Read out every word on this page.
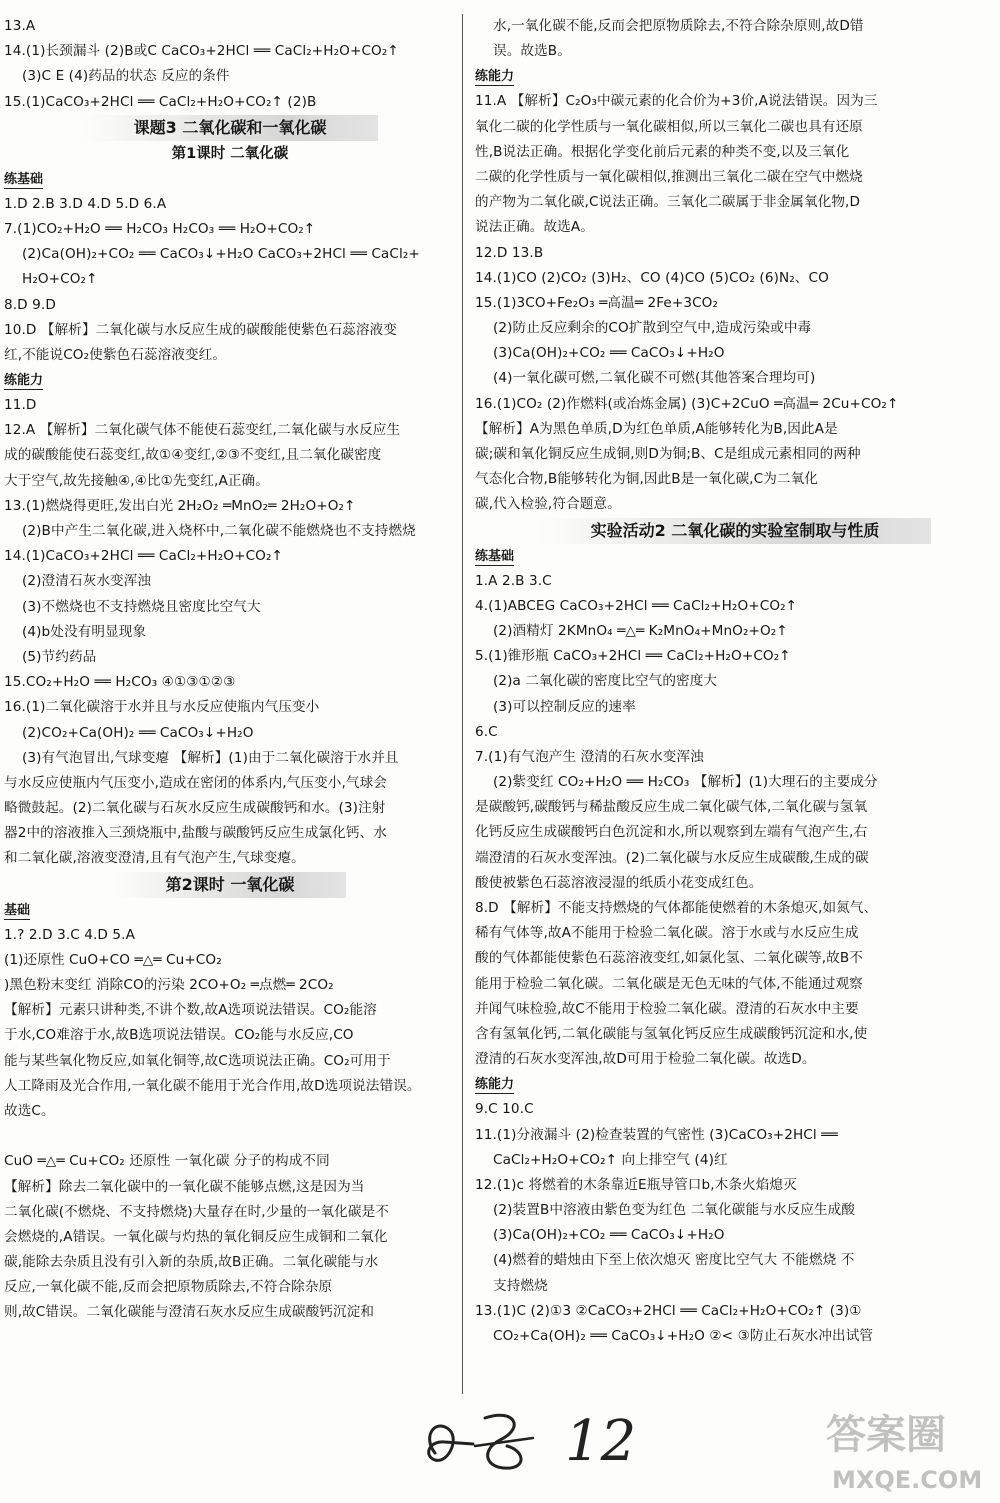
13.A
14.(1)长颈漏斗 (2)B或C CaCO₃+2HCl ══ CaCl₂+H₂O+CO₂↑
(3)C E (4)药品的状态 反应的条件
15.(1)CaCO₃+2HCl ══ CaCl₂+H₂O+CO₂↑ (2)B
课题3 二氧化碳和一氧化碳
第1课时 二氧化碳
练基础
1.D 2.B 3.D 4.D 5.D 6.A
7.(1)CO₂+H₂O ══ H₂CO₃ H₂CO₃ ══ H₂O+CO₂↑
(2)Ca(OH)₂+CO₂ ══ CaCO₃↓+H₂O CaCO₃+2HCl ══ CaCl₂+
H₂O+CO₂↑
8.D 9.D
10.D 【解析】二氧化碳与水反应生成的碳酸能使紫色石蕊溶液变
红,不能说CO₂使紫色石蕊溶液变红。
练能力
11.D
12.A 【解析】二氧化碳气体不能使石蕊变红,二氧化碳与水反应生
成的碳酸能使石蕊变红,故①④变红,②③不变红,且二氧化碳密度
大于空气,故先接触④,④比①先变红,A正确。
13.(1)燃烧得更旺,发出白光 2H₂O₂ ═MnO₂═ 2H₂O+O₂↑
(2)B中产生二氧化碳,进入烧杯中,二氧化碳不能燃烧也不支持燃烧
14.(1)CaCO₃+2HCl ══ CaCl₂+H₂O+CO₂↑
(2)澄清石灰水变浑浊
(3)不燃烧也不支持燃烧且密度比空气大
(4)b处没有明显现象
(5)节约药品
15.CO₂+H₂O ══ H₂CO₃ ④①③①②③
16.(1)二氧化碳溶于水并且与水反应使瓶内气压变小
(2)CO₂+Ca(OH)₂ ══ CaCO₃↓+H₂O
(3)有气泡冒出,气球变瘪 【解析】(1)由于二氧化碳溶于水并且
与水反应使瓶内气压变小,造成在密闭的体系内,气压变小,气球会
略微鼓起。(2)二氧化碳与石灰水反应生成碳酸钙和水。(3)注射
器2中的溶液推入三颈烧瓶中,盐酸与碳酸钙反应生成氯化钙、水
和二氧化碳,溶液变澄清,且有气泡产生,气球变瘪。
第2课时 一氧化碳
基础
1.? 2.D 3.C 4.D 5.A
(1)还原性 CuO+CO ═△═ Cu+CO₂
)黑色粉末变红 消除CO的污染 2CO+O₂ ═点燃═ 2CO₂
【解析】元素只讲种类,不讲个数,故A选项说法错误。CO₂能溶
于水,CO难溶于水,故B选项说法错误。CO₂能与水反应,CO
能与某些氧化物反应,如氧化铜等,故C选项说法正确。CO₂可用于
人工降雨及光合作用,一氧化碳不能用于光合作用,故D选项说法错误。
故选C。
CuO ═△═ Cu+CO₂ 还原性 一氧化碳 分子的构成不同
【解析】除去二氧化碳中的一氧化碳不能够点燃,这是因为当
二氧化碳(不燃烧、不支持燃烧)大量存在时,少量的一氧化碳是不
会燃烧的,A错误。一氧化碳与灼热的氧化铜反应生成铜和二氧化
碳,能除去杂质且没有引入新的杂质,故B正确。二氧化碳能与水
反应,一氧化碳不能,反而会把原物质除去,不符合除杂原
则,故C错误。二氧化碳能与澄清石灰水反应生成碳酸钙沉淀和
水,一氧化碳不能,反而会把原物质除去,不符合除杂原则,故D错
误。故选B。
练能力
11.A 【解析】C₂O₃中碳元素的化合价为+3价,A说法错误。因为三
氧化二碳的化学性质与一氧化碳相似,所以三氧化二碳也具有还原
性,B说法正确。根据化学变化前后元素的种类不变,以及三氧化
二碳的化学性质与一氧化碳相似,推测出三氧化二碳在空气中燃烧
的产物为二氧化碳,C说法正确。三氧化二碳属于非金属氧化物,D
说法正确。故选A。
12.D 13.B
14.(1)CO (2)CO₂ (3)H₂、CO (4)CO (5)CO₂ (6)N₂、CO
15.(1)3CO+Fe₂O₃ ═高温═ 2Fe+3CO₂
(2)防止反应剩余的CO扩散到空气中,造成污染或中毒
(3)Ca(OH)₂+CO₂ ══ CaCO₃↓+H₂O
(4)一氧化碳可燃,二氧化碳不可燃(其他答案合理均可)
16.(1)CO₂ (2)作燃料(或冶炼金属) (3)C+2CuO ═高温═ 2Cu+CO₂↑
【解析】A为黑色单质,D为红色单质,A能够转化为B,因此A是
碳;碳和氧化铜反应生成铜,则D为铜;B、C是组成元素相同的两种
气态化合物,B能够转化为铜,因此B是一氧化碳,C为二氧化
碳,代入检验,符合题意。
实验活动2 二氧化碳的实验室制取与性质
练基础
1.A 2.B 3.C
4.(1)ABCEG CaCO₃+2HCl ══ CaCl₂+H₂O+CO₂↑
(2)酒精灯 2KMnO₄ ═△═ K₂MnO₄+MnO₂+O₂↑
5.(1)锥形瓶 CaCO₃+2HCl ══ CaCl₂+H₂O+CO₂↑
(2)a 二氧化碳的密度比空气的密度大
(3)可以控制反应的速率
6.C
7.(1)有气泡产生 澄清的石灰水变浑浊
(2)紫变红 CO₂+H₂O ══ H₂CO₃ 【解析】(1)大理石的主要成分
是碳酸钙,碳酸钙与稀盐酸反应生成二氧化碳气体,二氧化碳与氢氧
化钙反应生成碳酸钙白色沉淀和水,所以观察到左端有气泡产生,右
端澄清的石灰水变浑浊。(2)二氧化碳与水反应生成碳酸,生成的碳
酸使被紫色石蕊溶液浸湿的纸质小花变成红色。
8.D 【解析】不能支持燃烧的气体都能使燃着的木条熄灭,如氮气、
稀有气体等,故A不能用于检验二氧化碳。溶于水或与水反应生成
酸的气体都能使紫色石蕊溶液变红,如氯化氢、二氧化碳等,故B不
能用于检验二氧化碳。二氧化碳是无色无味的气体,不能通过观察
并闻气味检验,故C不能用于检验二氧化碳。澄清的石灰水中主要
含有氢氧化钙,二氧化碳能与氢氧化钙反应生成碳酸钙沉淀和水,使
澄清的石灰水变浑浊,故D可用于检验二氧化碳。故选D。
练能力
9.C 10.C
11.(1)分液漏斗 (2)检查装置的气密性 (3)CaCO₃+2HCl ══
CaCl₂+H₂O+CO₂↑ 向上排空气 (4)红
12.(1)c 将燃着的木条靠近E瓶导管口b,木条火焰熄灭
(2)装置B中溶液由紫色变为红色 二氧化碳能与水反应生成酸
(3)Ca(OH)₂+CO₂ ══ CaCO₃↓+H₂O
(4)燃着的蜡烛由下至上依次熄灭 密度比空气大 不能燃烧 不
支持燃烧
13.(1)C (2)①3 ②CaCO₃+2HCl ══ CaCl₂+H₂O+CO₂↑ (3)①
CO₂+Ca(OH)₂ ══ CaCO₃↓+H₂O ②< ③防止石灰水冲出试管
12	答案圈
MXQE.COM
